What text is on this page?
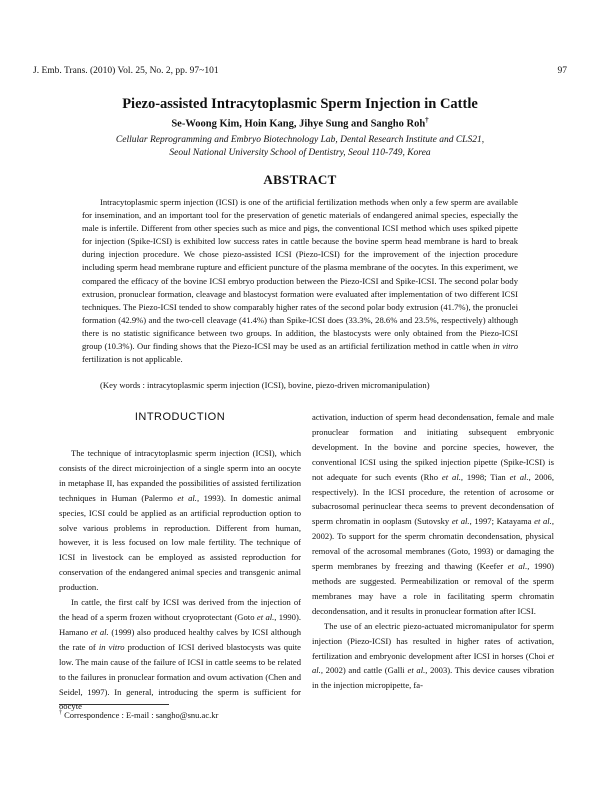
J. Emb. Trans. (2010) Vol. 25, No. 2, pp. 97~101	97
Piezo-assisted Intracytoplasmic Sperm Injection in Cattle
Se-Woong Kim, Hoin Kang, Jihye Sung and Sangho Roh†
Cellular Reprogramming and Embryo Biotechnology Lab, Dental Research Institute and CLS21,
Seoul National University School of Dentistry, Seoul 110-749, Korea
ABSTRACT

Intracytoplasmic sperm injection (ICSI) is one of the artificial fertilization methods when only a few sperm are available for insemination, and an important tool for the preservation of genetic materials of endangered animal species, especially the male is infertile. Different from other species such as mice and pigs, the conventional ICSI method which uses spiked pipette for injection (Spike-ICSI) is exhibited low success rates in cattle because the bovine sperm head membrane is hard to break during injection procedure. We chose piezo-assisted ICSI (Piezo-ICSI) for the improvement of the injection procedure including sperm head membrane rupture and efficient puncture of the plasma membrane of the oocytes. In this experiment, we compared the efficacy of the bovine ICSI embryo production between the Piezo-ICSI and Spike-ICSI. The second polar body extrusion, pronuclear formation, cleavage and blastocyst formation were evaluated after implementation of two different ICSI techniques. The Piezo-ICSI tended to show comparably higher rates of the second polar body extrusion (41.7%), the pronuclei formation (42.9%) and the two-cell cleavage (41.4%) than Spike-ICSI does (33.3%, 28.6% and 23.5%, respectively) although there is no statistic significance between two groups. In addition, the blastocysts were only obtained from the Piezo-ICSI group (10.3%). Our finding shows that the Piezo-ICSI may be used as an artificial fertilization method in cattle when in vitro fertilization is not applicable.

(Key words : intracytoplasmic sperm injection (ICSI), bovine, piezo-driven micromanipulation)
INTRODUCTION

The technique of intracytoplasmic sperm injection (ICSI), which consists of the direct microinjection of a single sperm into an oocyte in metaphase II, has expanded the possibilities of assisted fertilization techniques in Human (Palermo et al., 1993). In domestic animal species, ICSI could be applied as an artificial reproduction option to solve various problems in reproduction. Different from human, however, it is less focused on low male fertility. The technique of ICSI in livestock can be employed as assisted reproduction for conservation of the endangered animal species and transgenic animal production.

In cattle, the first calf by ICSI was derived from the injection of the head of a sperm frozen without cryoprotectant (Goto et al., 1990). Hamano et al. (1999) also produced healthy calves by ICSI although the rate of in vitro production of ICSI derived blastocysts was quite low. The main cause of the failure of ICSI in cattle seems to be related to the failures in pronuclear formation and ovum activation (Chen and Seidel, 1997). In general, introducing the sperm is sufficient for oocyte

activation, induction of sperm head decondensation, female and male pronuclear formation and initiating subsequent embryonic development. In the bovine and porcine species, however, the conventional ICSI using the spiked injection pipette (Spike-ICSI) is not adequate for such events (Rho et al., 1998; Tian et al., 2006, respectively). In the ICSI procedure, the retention of acrosome or subacrosomal perinuclear theca seems to prevent decondensation of sperm chromatin in ooplasm (Sutovsky et al., 1997; Katayama et al., 2002). To support for the sperm chromatin decondensation, physical removal of the acrosomal membranes (Goto, 1993) or damaging the sperm membranes by freezing and thawing (Keefer et al., 1990) methods are suggested. Permeabilization or removal of the sperm membranes may have a role in facilitating sperm chromatin decondensation, and it results in pronuclear formation after ICSI.

The use of an electric piezo-actuated micromanipulator for sperm injection (Piezo-ICSI) has resulted in higher rates of activation, fertilization and embryonic development after ICSI in horses (Choi et al., 2002) and cattle (Galli et al., 2003). This device causes vibration in the injection micropipette, fa-

† Correspondence : E-mail : sangho@snu.ac.kr
